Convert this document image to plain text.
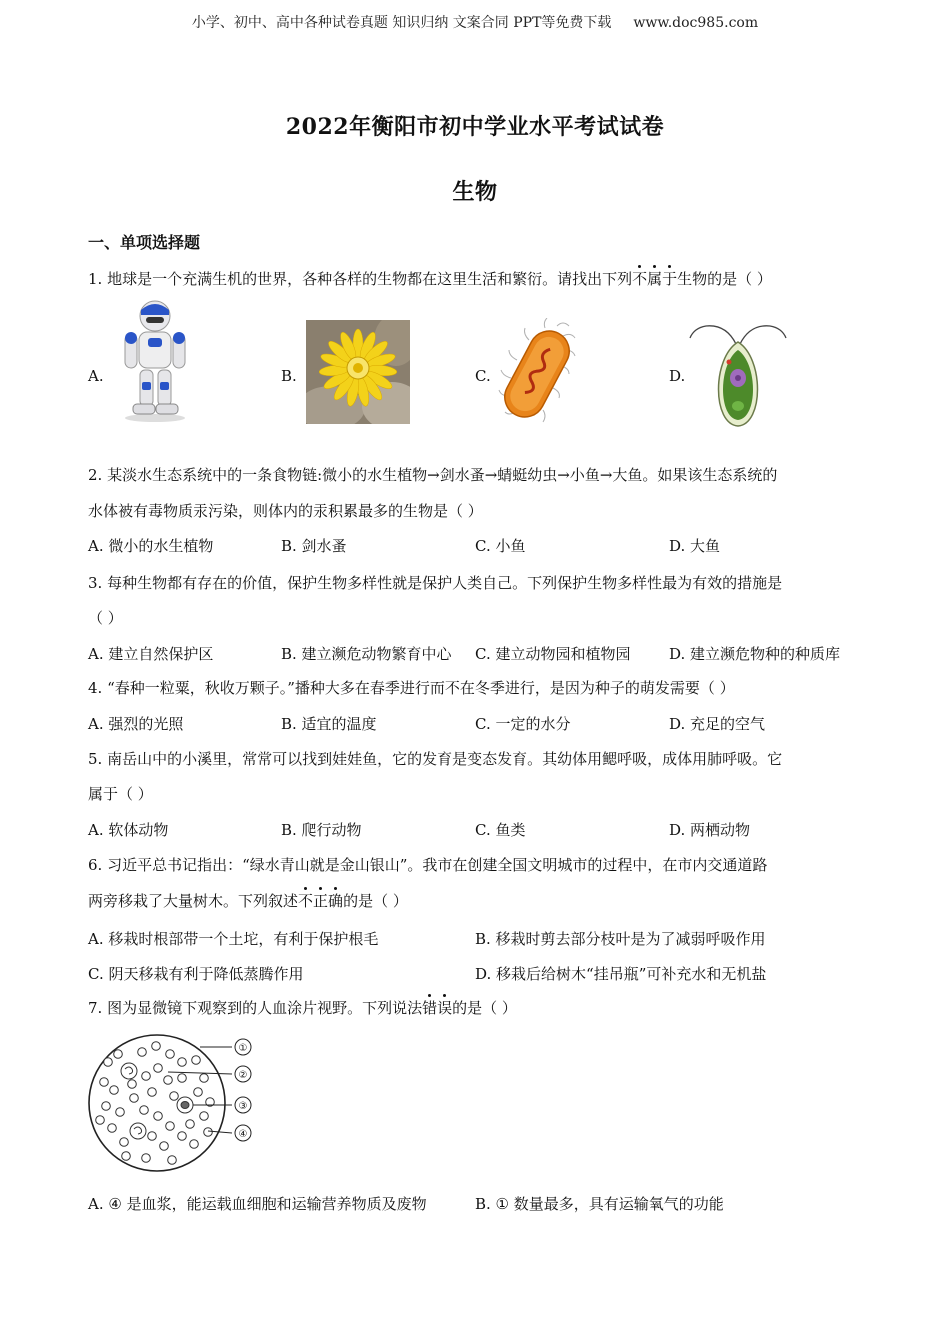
小学、初中、高中各种试卷真题 知识归纳 文案合同 PPT等免费下载 www.doc985.com
2022年衡阳市初中学业水平考试试卷
生物
一、单项选择题
1. 地球是一个充满生机的世界，各种各样的生物都在这里生活和繁衍。请找出下列不属于生物的是（ ）
A.	B.	C.	D.
2. 某淡水生态系统中的一条食物链:微小的水生植物→剑水蚤→蜻蜓幼虫→小鱼→大鱼。如果该生态系统的
水体被有毒物质汞污染，则体内的汞积累最多的生物是（ ）
A. 微小的水生植物	B. 剑水蚤	C. 小鱼	D. 大鱼
3. 每种生物都有存在的价值，保护生物多样性就是保护人类自己。下列保护生物多样性最为有效的措施是
（ ）
A. 建立自然保护区	B. 建立濒危动物繁育中心 C. 建立动物园和植物园	D. 建立濒危物种的种质库
4. “春种一粒粟，秋收万颗子。”播种大多在春季进行而不在冬季进行，是因为种子的萌发需要（ ）
A. 强烈的光照	B. 适宜的温度	C. 一定的水分	D. 充足的空气
5. 南岳山中的小溪里，常常可以找到娃娃鱼，它的发育是变态发育。其幼体用鳃呼吸，成体用肺呼吸。它
属于（ ）
A. 软体动物	B. 爬行动物	C. 鱼类	D. 两栖动物
6. 习近平总书记指出：“绿水青山就是金山银山”。我市在创建全国文明城市的过程中，在市内交通道路
两旁移栽了大量树木。下列叙述不正确的是（ ）
A. 移栽时根部带一个土坨，有利于保护根毛	B. 移栽时剪去部分枝叶是为了减弱呼吸作用
C. 阴天移栽有利于降低蒸腾作用	D. 移栽后给树木“挂吊瓶”可补充水和无机盐
7. 图为显微镜下观察到的人血涂片视野。下列说法错误的是（ ）
①
②
③
④
A. ④ 是血浆，能运载血细胞和运输营养物质及废物	B. ① 数量最多，具有运输氧气的功能
